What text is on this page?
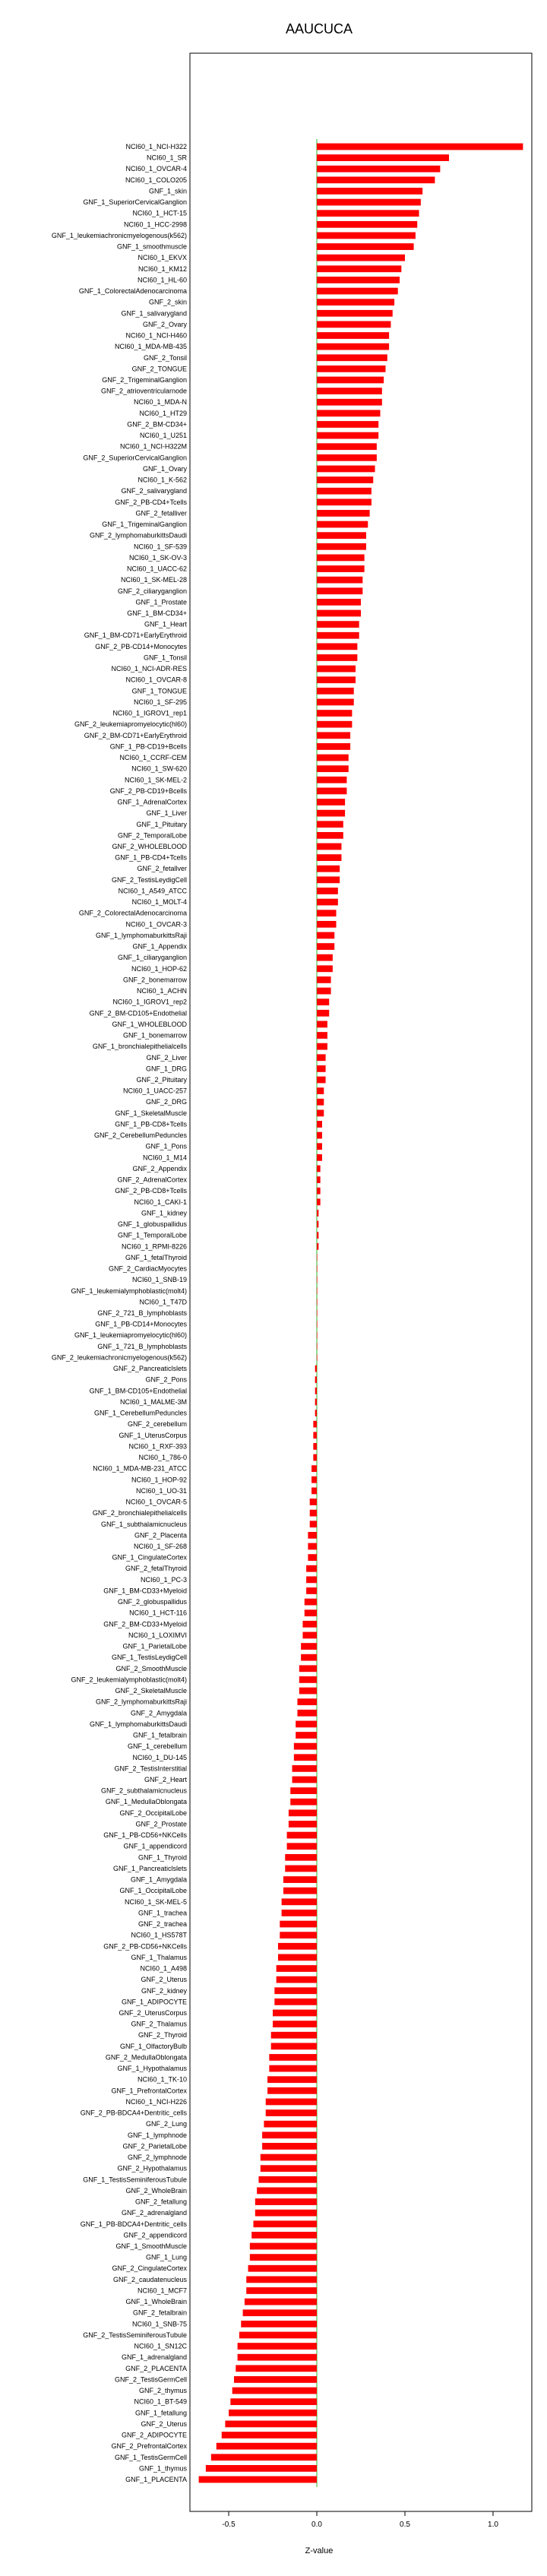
AAUCUCA
NCI60_1_NCI-H322
NCI60_1_SR
NCI60_1_OVCAR-4
NCI60_1_COLO205
GNF_1_skin
GNF_1_SuperiorCervicalGanglion
NCI60_1_HCT-15
NCI60_1_HCC-2998
GNF_1_leukemiachronicmyelogenous(k562)
GNF_1_smoothmuscle
NCI60_1_EKVX
NCI60_1_KM12
NCI60_1_HL-60
GNF_1_ColorectalAdenocarcinoma
GNF_2_skin
GNF_1_salivarygland
GNF_2_Ovary
NCI60_1_NCI-H460
NCI60_1_MDA-MB-435
GNF_2_Tonsil
GNF_2_TONGUE
GNF_2_TrigeminalGanglion
GNF_2_atrioventricularnode
NCI60_1_MDA-N
NCI60_1_HT29
GNF_2_BM-CD34+
NCI60_1_U251
NCI60_1_NCI-H322M
GNF_2_SuperiorCervicalGanglion
GNF_1_Ovary
NCI60_1_K-562
GNF_2_salivarygland
GNF_2_PB-CD4+Tcells
GNF_2_fetalliver
GNF_1_TrigeminalGanglion
GNF_2_lymphomaburkittsDaudi
NCI60_1_SF-539
NCI60_1_SK-OV-3
NCI60_1_UACC-62
NCI60_1_SK-MEL-28
GNF_2_ciliaryganglion
GNF_1_Prostate
GNF_1_BM-CD34+
GNF_1_Heart
GNF_1_BM-CD71+EarlyErythroid
GNF_2_PB-CD14+Monocytes
GNF_1_Tonsil
NCI60_1_NCI-ADR-RES
NCI60_1_OVCAR-8
GNF_1_TONGUE
NCI60_1_SF-295
NCI60_1_IGROV1_rep1
GNF_2_leukemiapromyelocytic(hl60)
GNF_2_BM-CD71+EarlyErythroid
GNF_1_PB-CD19+Bcells
NCI60_1_CCRF-CEM
NCI60_1_SW-620
NCI60_1_SK-MEL-2
GNF_2_PB-CD19+Bcells
GNF_1_AdrenalCortex
GNF_1_Liver
GNF_1_Pituitary
GNF_2_TemporalLobe
GNF_2_WHOLEBLOOD
GNF_1_PB-CD4+Tcells
GNF_2_fetallver
GNF_2_TestisLeydigCell
NCI60_1_A549_ATCC
NCI60_1_MOLT-4
GNF_2_ColorectalAdenocarcinoma
NCI60_1_OVCAR-3
GNF_1_lymphomaburkittsRaji
GNF_1_Appendix
GNF_1_ciliaryganglion
NCI60_1_HOP-62
GNF_2_bonemarrow
NCI60_1_ACHN
NCI60_1_IGROV1_rep2
GNF_2_BM-CD105+Endothelial
GNF_1_WHOLEBLOOD
GNF_1_bonemarrow
GNF_1_bronchialepithelialcells
GNF_2_Liver
GNF_1_DRG
GNF_2_Pituitary
NCI60_1_UACC-257
GNF_2_DRG
GNF_1_SkeletalMuscle
GNF_1_PB-CD8+Tcells
GNF_2_CerebellumPeduncles
GNF_1_Pons
NCI60_1_M14
GNF_2_Appendix
GNF_2_AdrenalCortex
GNF_2_PB-CD8+Tcells
NCI60_1_CAKI-1
GNF_1_kidney
GNF_1_globuspallidus
GNF_1_TemporalLobe
NCI60_1_RPMI-8226
GNF_1_fetalThyroid
GNF_2_CardiacMyocytes
NCI60_1_SNB-19
GNF_1_leukemialymphoblastic(molt4)
NCI60_1_T47D
GNF_2_721_B_lymphoblasts
GNF_1_PB-CD14+Monocytes
GNF_1_leukemiapromyelocytic(hl60)
GNF_1_721_B_lymphoblasts
GNF_2_leukemiachronicmyelogenous(k562)
GNF_2_Pancreaticlslets
GNF_2_Pons
GNF_1_BM-CD105+Endothelial
NCI60_1_MALME-3M
GNF_1_CerebellumPeduncles
GNF_2_cerebellum
GNF_1_UterusCorpus
NCI60_1_RXF-393
NCI60_1_786-0
NCI60_1_MDA-MB-231_ATCC
NCI60_1_HOP-92
NCI60_1_UO-31
NCI60_1_OVCAR-5
GNF_2_bronchialepithelialcells
GNF_1_subthalamicnucleus
GNF_2_Placenta
NCI60_1_SF-268
GNF_1_CingulateCortex
GNF_2_fetalThyroid
NCI60_1_PC-3
GNF_1_BM-CD33+Myeloid
GNF_2_globuspallidus
NCI60_1_HCT-116
GNF_2_BM-CD33+Myeloid
NCI60_1_LOXIMVI
GNF_1_ParietalLobe
GNF_1_TestisLeydigCell
GNF_2_SmoothMuscle
GNF_2_leukemialymphoblastic(molt4)
GNF_2_SkeletalMuscle
GNF_2_lymphomaburkittsRaji
GNF_2_Amygdala
GNF_1_lymphomaburkittsDaudi
GNF_1_fetalbrain
GNF_1_cerebellum
NCI60_1_DU-145
GNF_2_TestisInterstitial
GNF_2_Heart
GNF_2_subthalamicnucleus
GNF_1_MedullaOblongata
GNF_2_OccipitalLobe
GNF_2_Prostate
GNF_1_PB-CD56+NKCells
GNF_1_appendicord
GNF_1_Thyroid
GNF_1_Pancreaticlslets
GNF_1_Amygdala
GNF_1_OccipitalLobe
NCI60_1_SK-MEL-5
GNF_1_trachea
GNF_2_trachea
NCI60_1_HS578T
GNF_2_PB-CD56+NKCells
GNF_1_Thalamus
NCI60_1_A498
GNF_2_Uterus
GNF_2_kidney
GNF_1_ADIPOCYTE
GNF_2_UterusCorpus
GNF_2_Thalamus
GNF_2_Thyroid
GNF_1_OlfactoryBulb
GNF_2_MedullaOblongata
GNF_1_Hypothalamus
NCI60_1_TK-10
GNF_1_PrefrontalCortex
NCI60_1_NCI-H226
GNF_2_PB-BDCA4+Dentritic_cells
GNF_2_Lung
GNF_1_lymphnode
GNF_2_ParietalLobe
GNF_2_lymphnode
GNF_2_Hypothalamus
GNF_1_TestisSeminiferousTubule
GNF_2_WholeBrain
GNF_2_fetallung
GNF_2_adrenalgland
GNF_1_PB-BDCA4+Dentritic_cells
GNF_2_appendicord
GNF_1_SmoothMuscle
GNF_1_Lung
GNF_2_CingulateCortex
GNF_2_caudatenucleus
NCI60_1_MCF7
GNF_1_WholeBrain
GNF_2_fetalbrain
NCI60_1_SNB-75
GNF_2_TestisSeminiferousTubule
NCI60_1_SN12C
GNF_1_adrenalgland
GNF_2_PLACENTA
GNF_2_TestisGermCell
GNF_2_thymus
NCI60_1_BT-549
GNF_1_fetallung
GNF_2_Uterus
GNF_2_ADIPOCYTE
GNF_2_PrefrontalCortex
GNF_1_TestisGermCell
GNF_1_thymus
GNF_1_PLACENTA
-0.5	0.0	0.5	1.0
Z-value
